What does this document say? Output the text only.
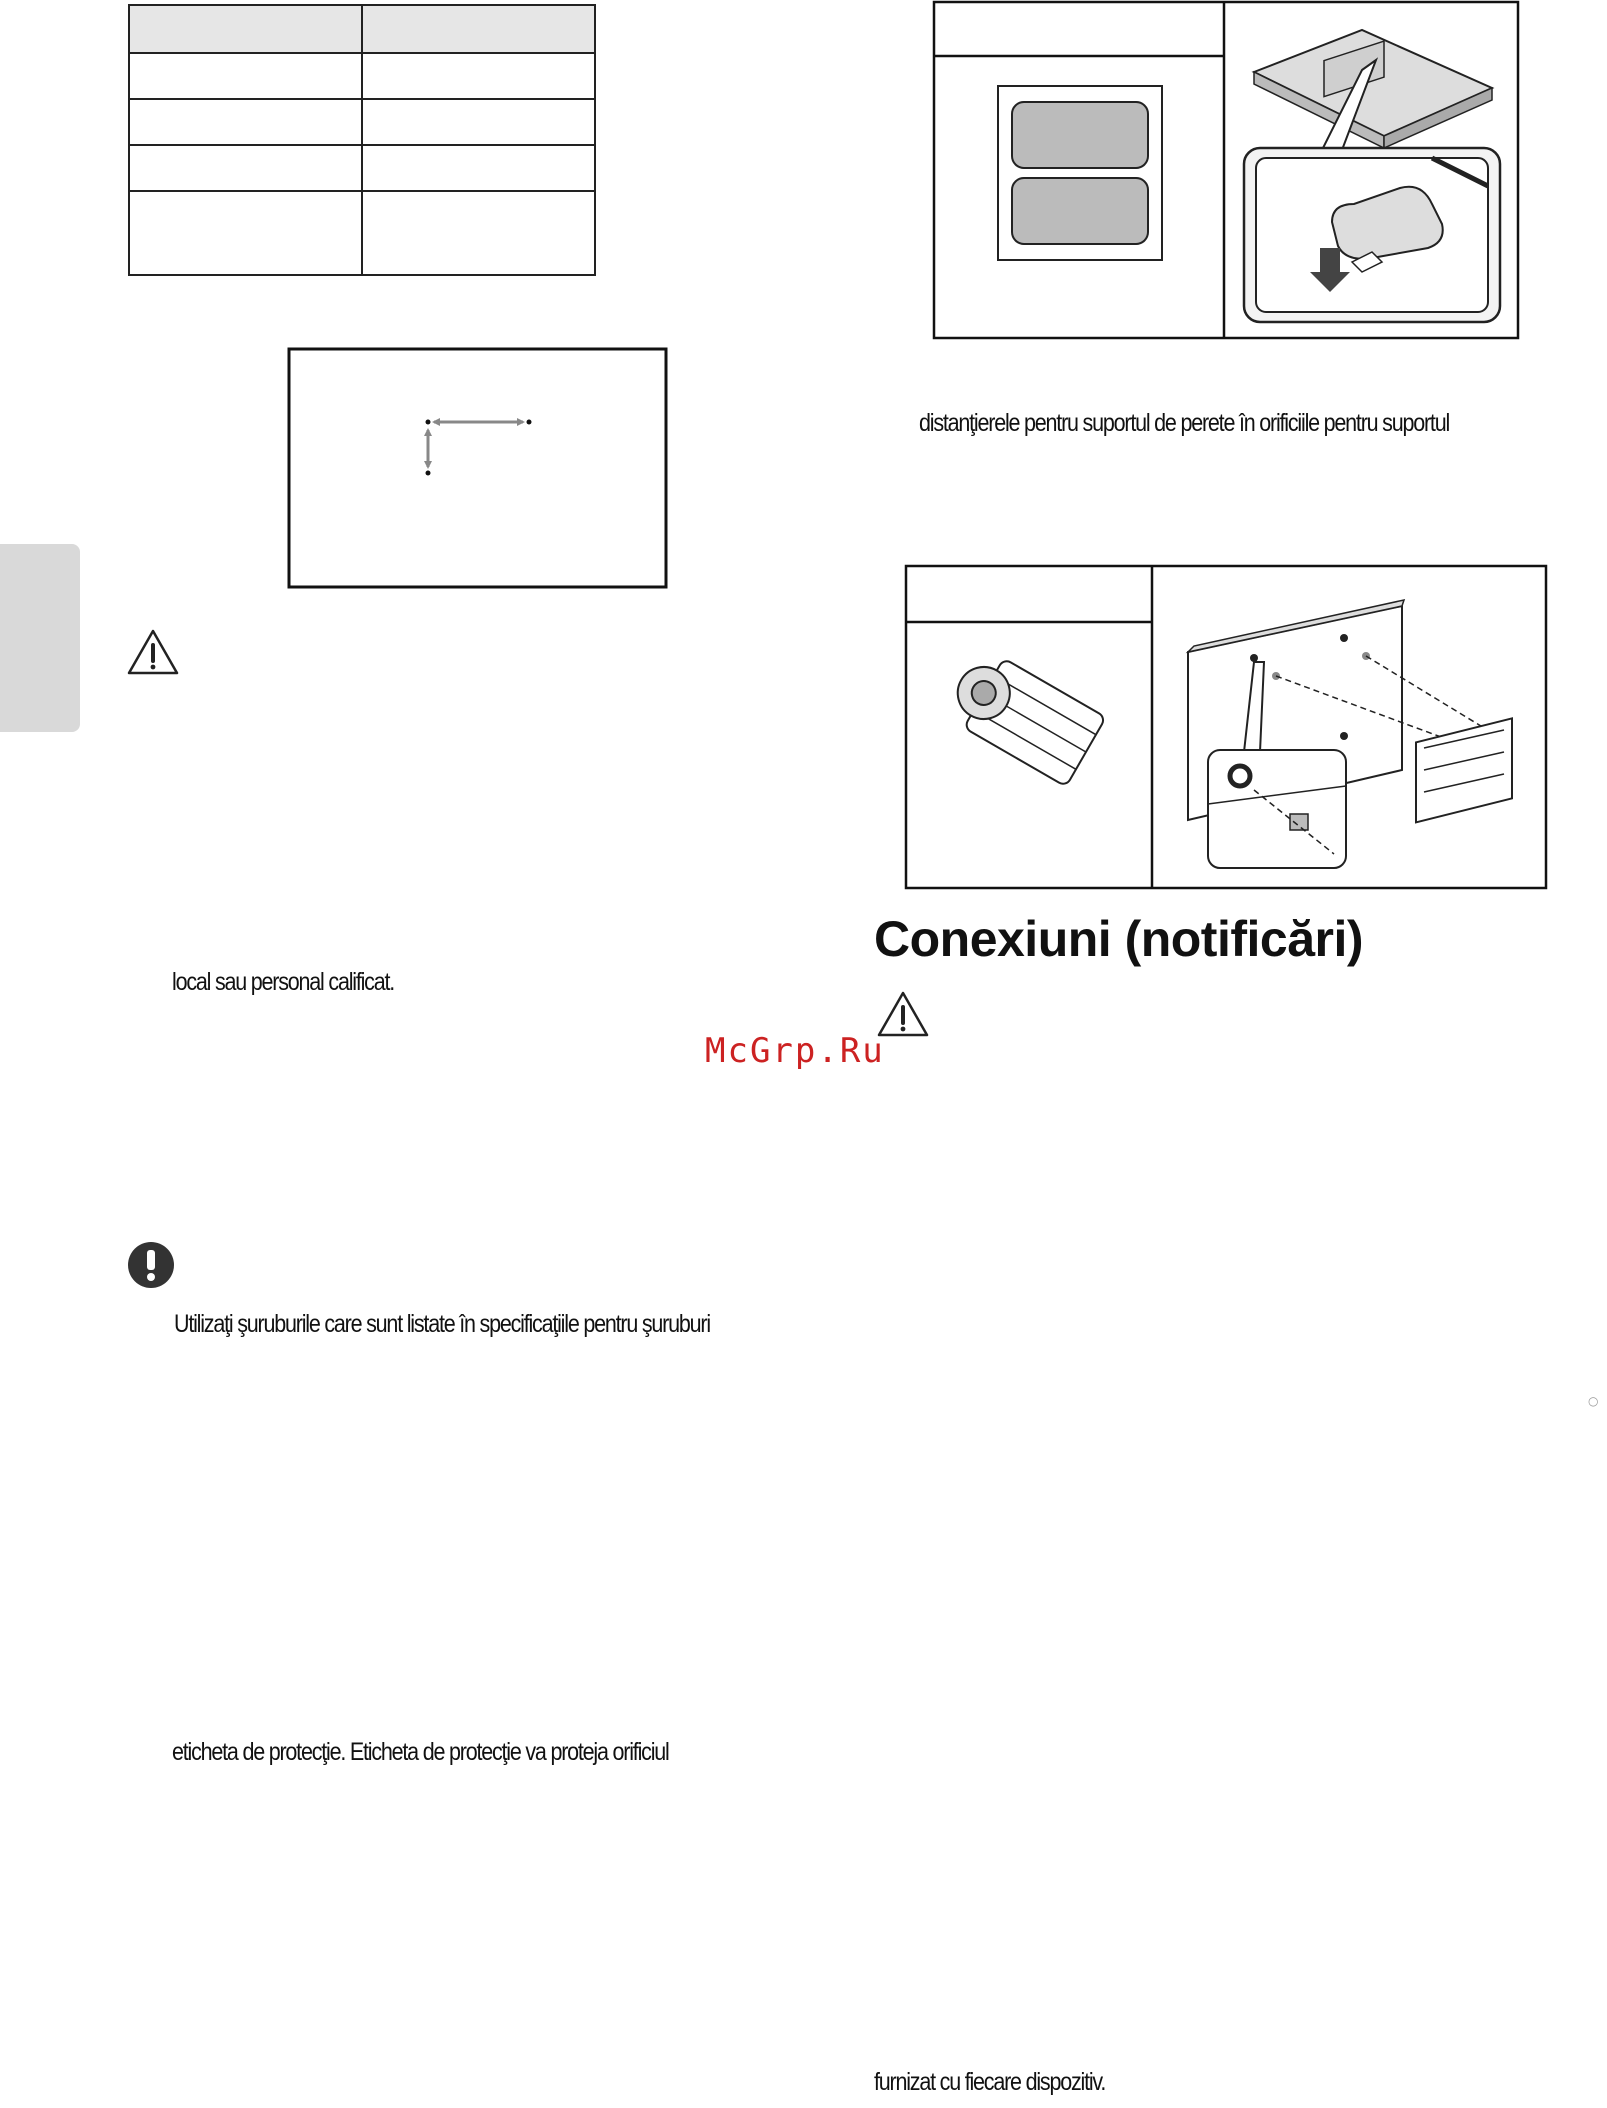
local sau personal calificat.
Utilizaţi şuruburile care sunt listate în specificaţiile pentru şuruburi
eticheta de protecţie. Eticheta de protecţie va proteja orificiul
distanţierele pentru suportul de perete în orificiile pentru suportul
Conexiuni (notificări)
McGrp.Ru
○
furnizat cu fiecare dispozitiv.
